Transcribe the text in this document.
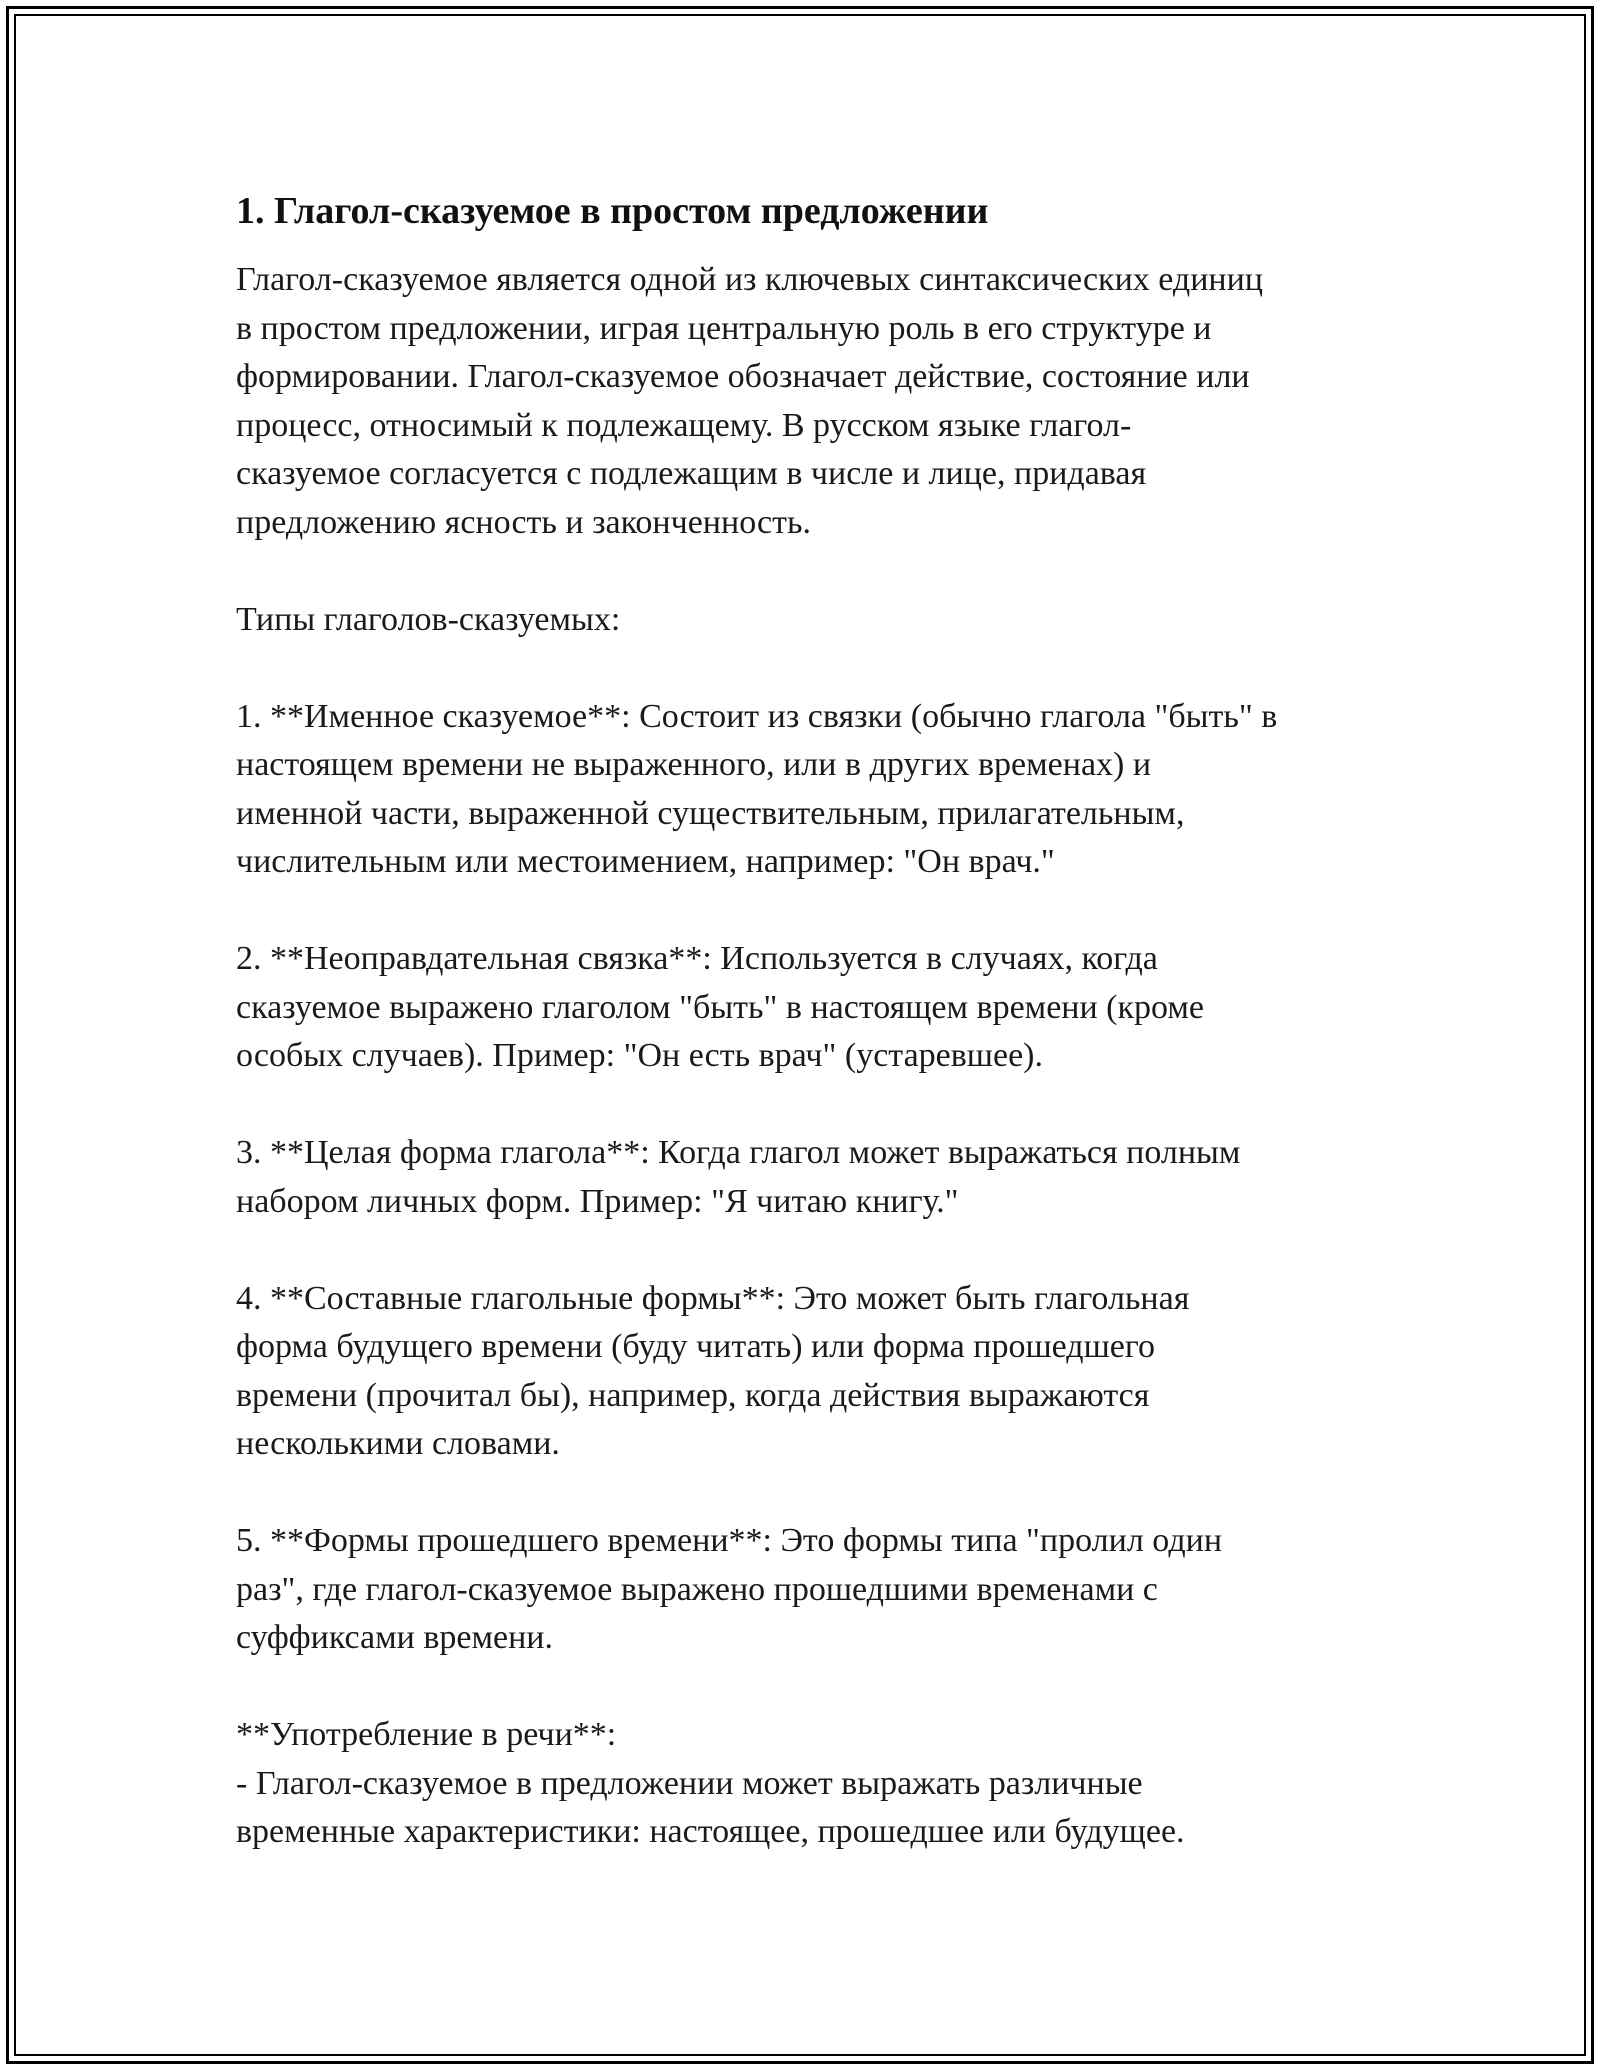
1. Глагол-сказуемое в простом предложении

Глагол-сказуемое является одной из ключевых синтаксических единиц
в простом предложении, играя центральную роль в его структуре и
формировании. Глагол-сказуемое обозначает действие, состояние или
процесс, относимый к подлежащему. В русском языке глагол-
сказуемое согласуется с подлежащим в числе и лице, придавая
предложению ясность и законченность.

Типы глаголов-сказуемых:

1. **Именное сказуемое**: Состоит из связки (обычно глагола "быть" в
настоящем времени не выраженного, или в других временах) и
именной части, выраженной существительным, прилагательным,
числительным или местоимением, например: "Он врач."

2. **Неоправдательная связка**: Используется в случаях, когда
сказуемое выражено глаголом "быть" в настоящем времени (кроме
особых случаев). Пример: "Он есть врач" (устаревшее).

3. **Целая форма глагола**: Когда глагол может выражаться полным
набором личных форм. Пример: "Я читаю книгу."

4. **Составные глагольные формы**: Это может быть глагольная
форма будущего времени (буду читать) или форма прошедшего
времени (прочитал бы), например, когда действия выражаются
несколькими словами.

5. **Формы прошедшего времени**: Это формы типа "пролил один
раз", где глагол-сказуемое выражено прошедшими временами с
суффиксами времени.

**Употребление в речи**:
- Глагол-сказуемое в предложении может выражать различные
временные характеристики: настоящее, прошедшее или будущее.
